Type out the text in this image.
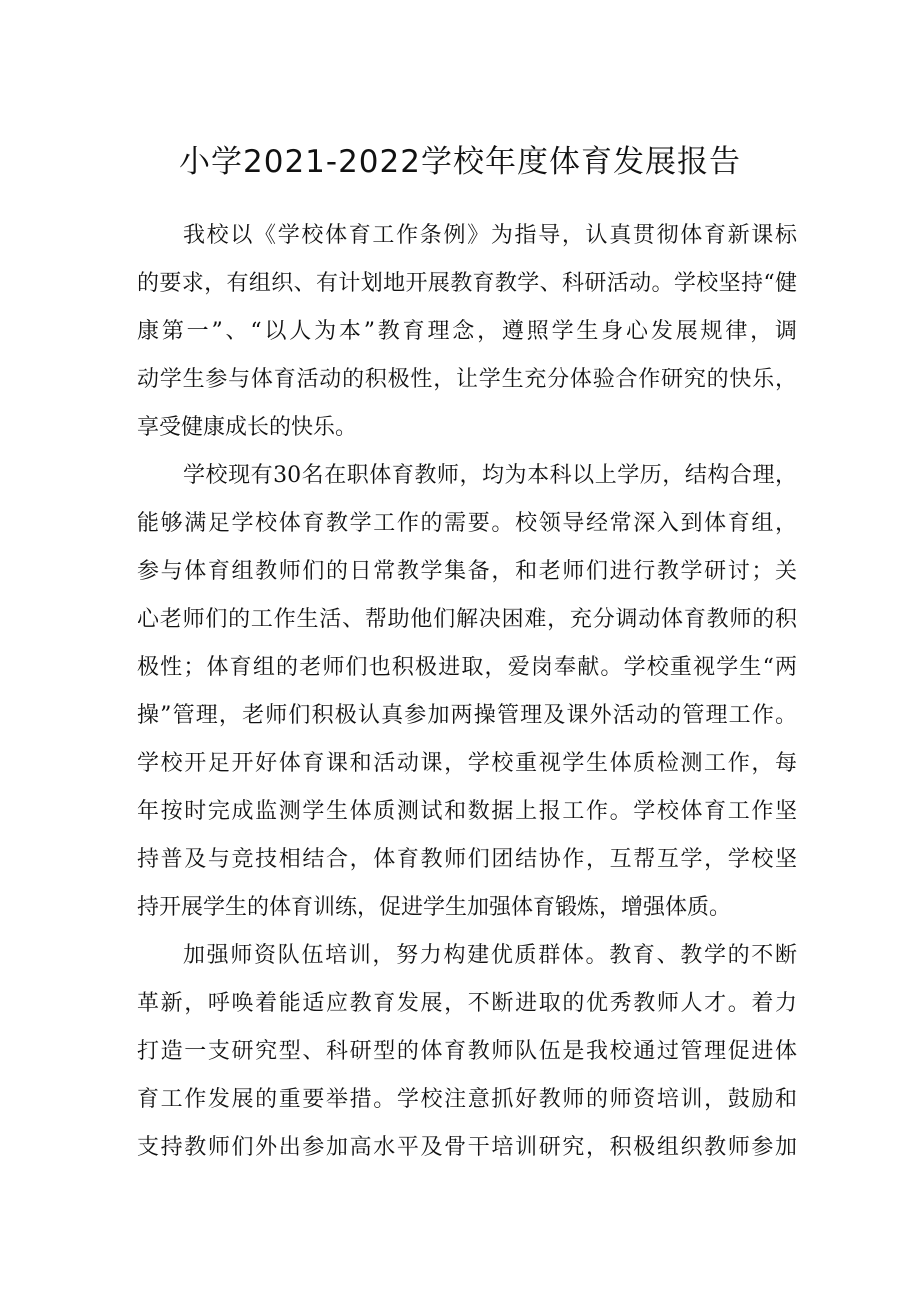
小学2021-2022学校年度体育发展报告

我校以《学校体育工作条例》为指导，认真贯彻体育新课标

的要求，有组织、有计划地开展教育教学、科研活动。学校坚持“健

康第一”、“以人为本”教育理念，遵照学生身心发展规律，调

动学生参与体育活动的积极性，让学生充分体验合作研究的快乐，

享受健康成长的快乐。

学校现有30名在职体育教师，均为本科以上学历，结构合理，

能够满足学校体育教学工作的需要。校领导经常深入到体育组，

参与体育组教师们的日常教学集备，和老师们进行教学研讨；关

心老师们的工作生活、帮助他们解决困难，充分调动体育教师的积

极性；体育组的老师们也积极进取，爱岗奉献。学校重视学生“两

操”管理，老师们积极认真参加两操管理及课外活动的管理工作。

学校开足开好体育课和活动课，学校重视学生体质检测工作，每

年按时完成监测学生体质测试和数据上报工作。学校体育工作坚

持普及与竞技相结合，体育教师们团结协作，互帮互学，学校坚

持开展学生的体育训练，促进学生加强体育锻炼，增强体质。

加强师资队伍培训，努力构建优质群体。教育、教学的不断

革新，呼唤着能适应教育发展，不断进取的优秀教师人才。着力

打造一支研究型、科研型的体育教师队伍是我校通过管理促进体

育工作发展的重要举措。学校注意抓好教师的师资培训，鼓励和

支持教师们外出参加高水平及骨干培训研究，积极组织教师参加
